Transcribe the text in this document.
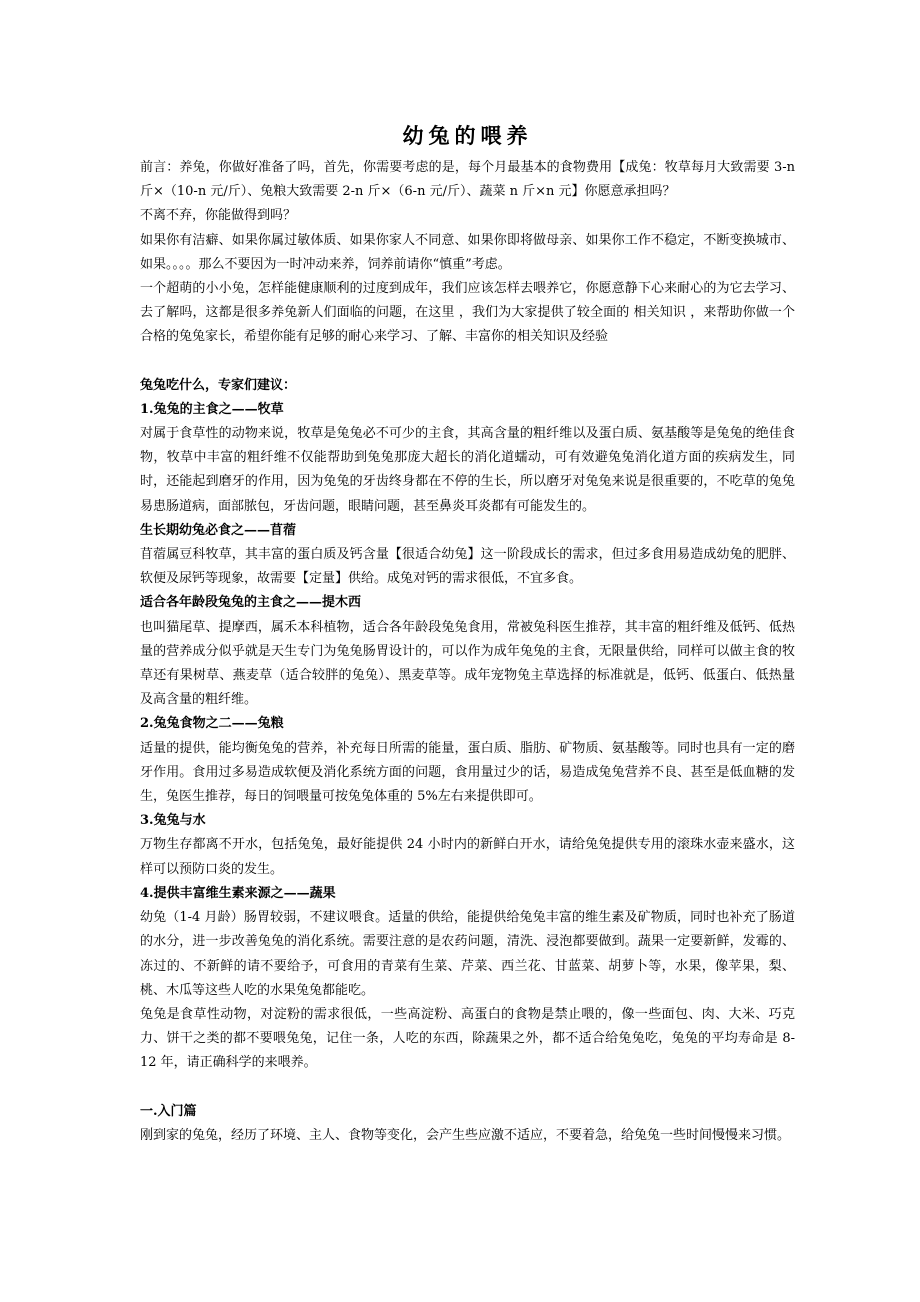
幼兔的喂养

前言：养兔，你做好准备了吗，首先，你需要考虑的是，每个月最基本的食物费用【成兔：牧草每月大致需要 3-n 斤×（10-n 元/斤）、兔粮大致需要 2-n 斤×（6-n 元/斤）、蔬菜 n 斤×n 元】你愿意承担吗？

不离不弃，你能做得到吗？

如果你有洁癖、如果你属过敏体质、如果你家人不同意、如果你即将做母亲、如果你工作不稳定，不断变换城市、如果。。。。那么不要因为一时冲动来养，饲养前请你“慎重”考虑。

一个超萌的小小兔，怎样能健康顺利的过度到成年，我们应该怎样去喂养它，你愿意静下心来耐心的为它去学习、去了解吗，这都是很多养兔新人们面临的问题，在这里 ，我们为大家提供了较全面的 相关知识 ，来帮助你做一个合格的兔兔家长，希望你能有足够的耐心来学习、了解、丰富你的相关知识及经验

兔兔吃什么，专家们建议：

1.兔兔的主食之——牧草

对属于食草性的动物来说，牧草是兔兔必不可少的主食，其高含量的粗纤维以及蛋白质、氨基酸等是兔兔的绝佳食物，牧草中丰富的粗纤维不仅能帮助到兔兔那庞大超长的消化道蠕动，可有效避兔兔消化道方面的疾病发生，同时，还能起到磨牙的作用，因为兔兔的牙齿终身都在不停的生长，所以磨牙对兔兔来说是很重要的，不吃草的兔兔易患肠道病，面部脓包，牙齿问题，眼睛问题，甚至鼻炎耳炎都有可能发生的。

生长期幼兔必食之——苜蓿

苜蓿属豆科牧草，其丰富的蛋白质及钙含量【很适合幼兔】这一阶段成长的需求，但过多食用易造成幼兔的肥胖、软便及尿钙等现象，故需要【定量】供给。成兔对钙的需求很低，不宜多食。

适合各年龄段兔兔的主食之——提木西

也叫猫尾草、提摩西，属禾本科植物，适合各年龄段兔兔食用，常被兔科医生推荐，其丰富的粗纤维及低钙、低热量的营养成分似乎就是天生专门为兔兔肠胃设计的，可以作为成年兔兔的主食，无限量供给，同样可以做主食的牧草还有果树草、燕麦草（适合较胖的兔兔）、黑麦草等。成年宠物兔主草选择的标准就是，低钙、低蛋白、低热量及高含量的粗纤维。

2.兔兔食物之二——兔粮

适量的提供，能均衡兔兔的营养，补充每日所需的能量，蛋白质、脂肪、矿物质、氨基酸等。同时也具有一定的磨牙作用。食用过多易造成软便及消化系统方面的问题，食用量过少的话，易造成兔兔营养不良、甚至是低血糖的发生，兔医生推荐，每日的饲喂量可按兔兔体重的 5%左右来提供即可。

3.兔兔与水

万物生存都离不开水，包括兔兔，最好能提供 24 小时内的新鲜白开水，请给兔兔提供专用的滚珠水壶来盛水，这样可以预防口炎的发生。

4.提供丰富维生素来源之——蔬果

幼兔（1-4 月龄）肠胃较弱，不建议喂食。适量的供给，能提供给兔兔丰富的维生素及矿物质，同时也补充了肠道的水分，进一步改善兔兔的消化系统。需要注意的是农药问题，清洗、浸泡都要做到。蔬果一定要新鲜，发霉的、冻过的、不新鲜的请不要给予，可食用的青菜有生菜、芹菜、西兰花、甘蓝菜、胡萝卜等，水果，像苹果，梨、桃、木瓜等这些人吃的水果兔兔都能吃。

兔兔是食草性动物，对淀粉的需求很低，一些高淀粉、高蛋白的食物是禁止喂的，像一些面包、肉、大米、巧克力、饼干之类的都不要喂兔兔，记住一条，人吃的东西，除蔬果之外，都不适合给兔兔吃，兔兔的平均寿命是 8-12 年，请正确科学的来喂养。

一.入门篇

刚到家的兔兔，经历了环境、主人、食物等变化，会产生些应激不适应，不要着急，给兔兔一些时间慢慢来习惯。
